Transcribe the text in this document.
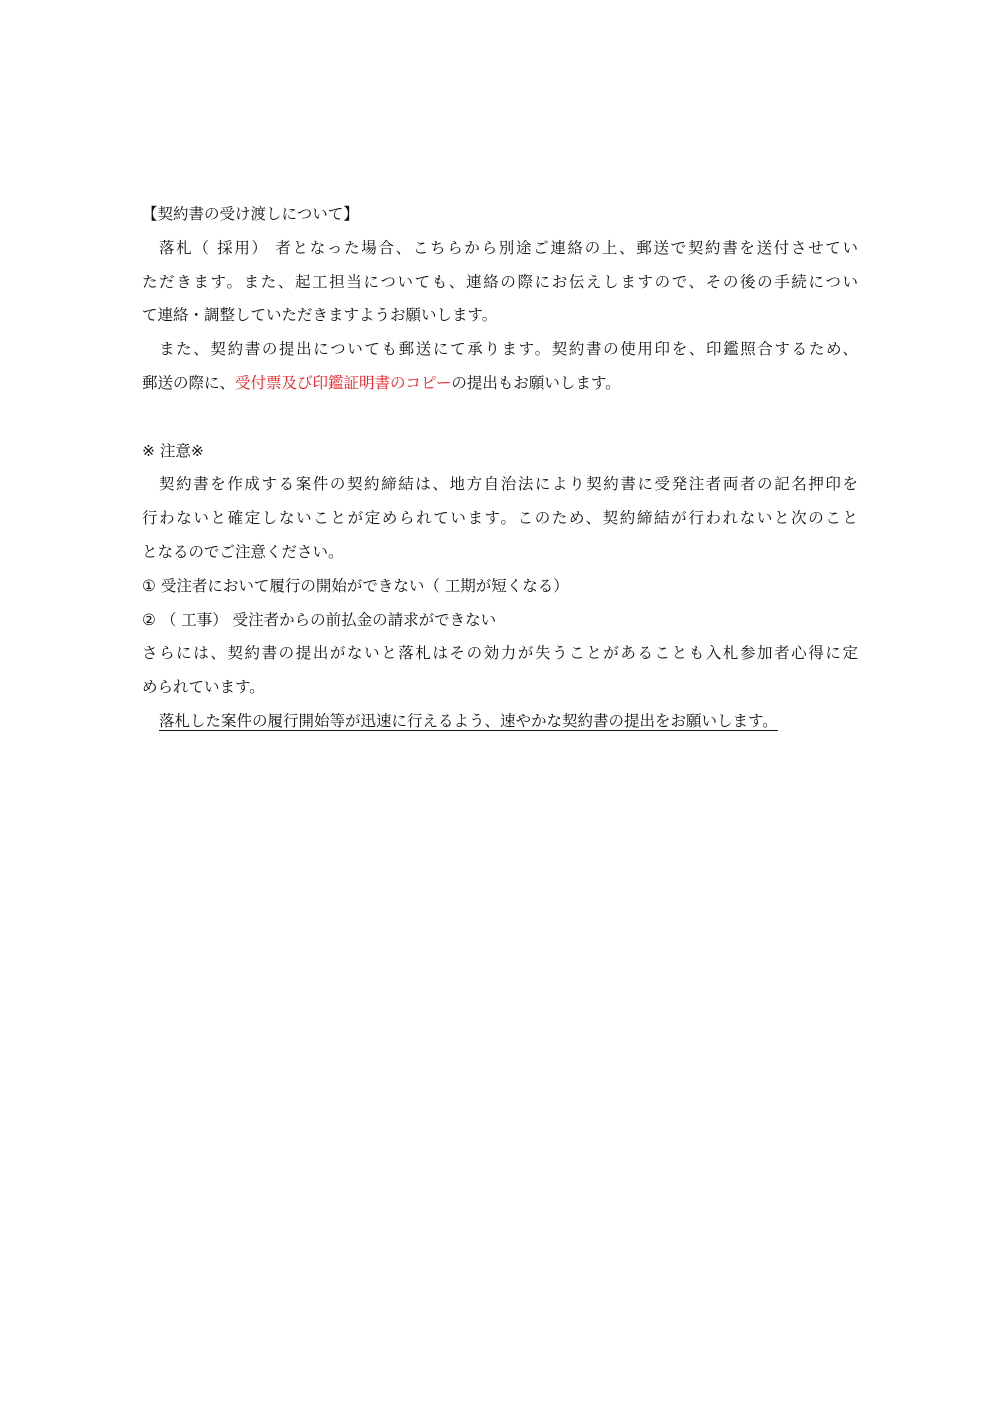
【契約書の受け渡しについて】
落札（ 採用） 者となった場合、こちらから別途ご連絡の上、郵送で契約書を送付させてい
ただきます。また、起工担当についても、連絡の際にお伝えしますので、その後の手続につい
て連絡・調整していただきますようお願いします。
また、契約書の提出についても郵送にて承ります。契約書の使用印を、印鑑照合するため、
郵送の際に、受付票及び印鑑証明書のコピーの提出もお願いします。
※ 注意※
契約書を作成する案件の契約締結は、地方自治法により契約書に受発注者両者の記名押印を
行わないと確定しないことが定められています。このため、契約締結が行われないと次のこと
となるのでご注意ください。
① 受注者において履行の開始ができない（ 工期が短くなる）
② （ 工事） 受注者からの前払金の請求ができない
さらには、契約書の提出がないと落札はその効力が失うことがあることも入札参加者心得に定
められています。
落札した案件の履行開始等が迅速に行えるよう、速やかな契約書の提出をお願いします。
